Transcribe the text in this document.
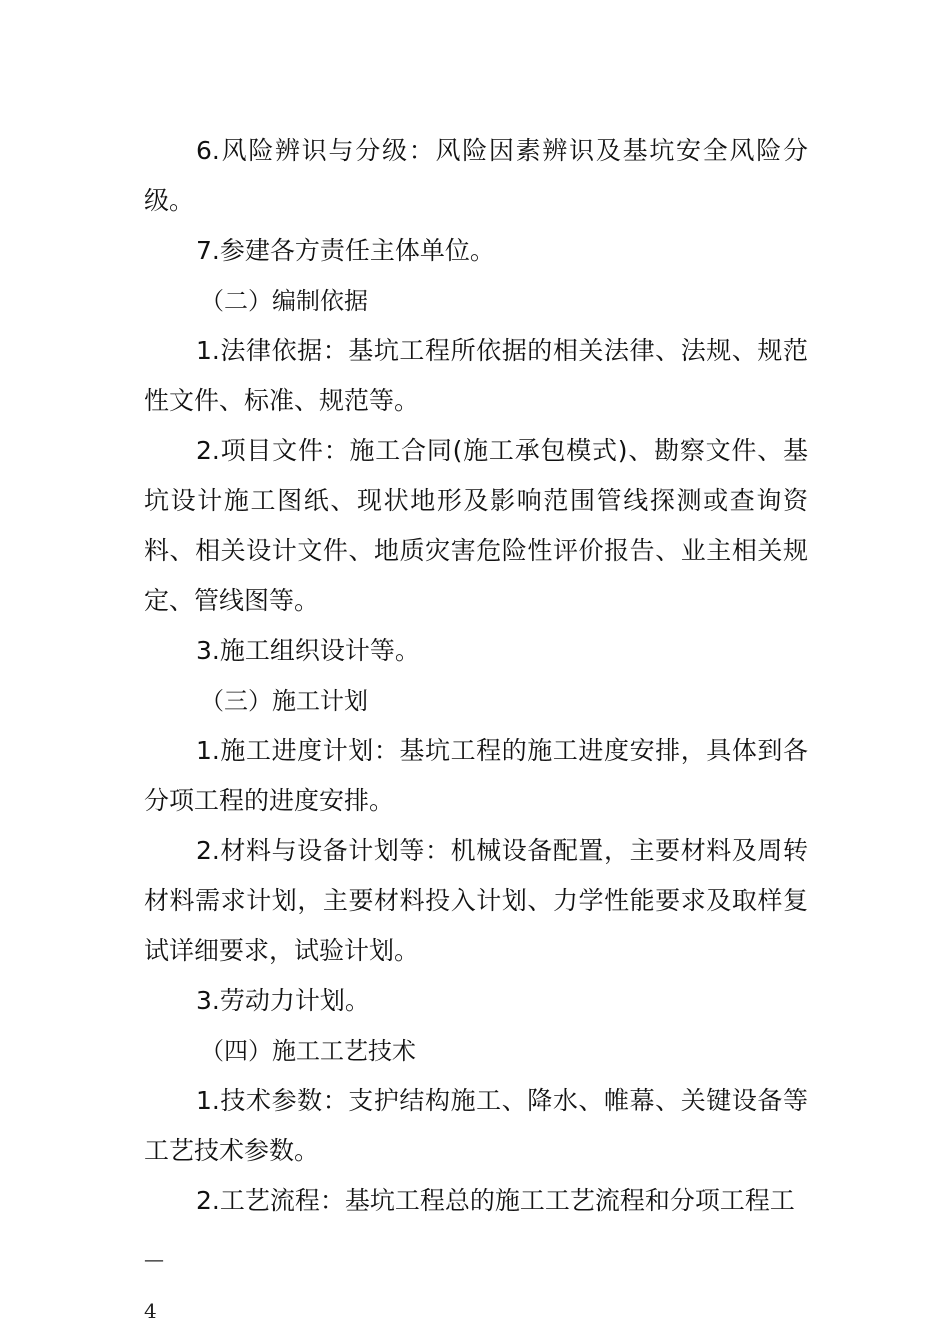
6.风险辨识与分级：风险因素辨识及基坑安全风险分级。

7.参建各方责任主体单位。

（二）编制依据

1.法律依据：基坑工程所依据的相关法律、法规、规范性文件、标准、规范等。

2.项目文件：施工合同(施工承包模式)、勘察文件、基坑设计施工图纸、现状地形及影响范围管线探测或查询资料、相关设计文件、地质灾害危险性评价报告、业主相关规定、管线图等。

3.施工组织设计等。

（三）施工计划

1.施工进度计划：基坑工程的施工进度安排，具体到各分项工程的进度安排。

2.材料与设备计划等：机械设备配置，主要材料及周转材料需求计划，主要材料投入计划、力学性能要求及取样复试详细要求，试验计划。

3.劳动力计划。

（四）施工工艺技术

1.技术参数：支护结构施工、降水、帷幕、关键设备等工艺技术参数。

2.工艺流程：基坑工程总的施工工艺流程和分项工程工

—
4
